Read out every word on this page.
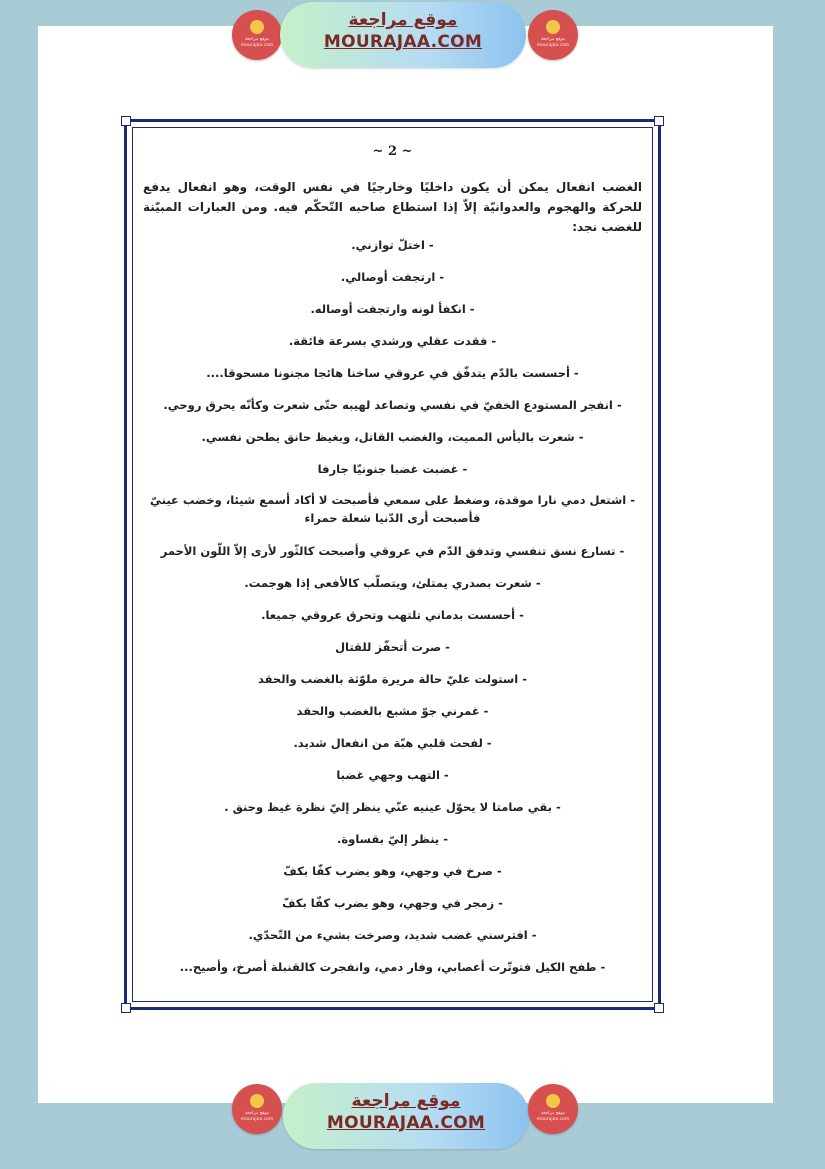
موقع مراجعة
mourajaa.com
موقع مراجعة
MOURAJAA.COM	موقع مراجعة
mourajaa.com
~ 2 ~
الغضب انفعال يمكن أن يكون داخليًا وخارجيًا في نفس الوقت، وهو انفعال يدفع للحركة والهجوم والعدوانيّة إلاّ إذا استطاع صاحبه التّحكّم فيه. ومن العبارات المبيّنة للغضب نجد:
- اختلّ توازني.
- ارتجفت أوصالي.
- انكفأ لونه وارتجفت أوصاله.
- فقدت عقلي ورشدي بسرعة فائقة.
- أحسست بالدّم يتدفّق في عروقي ساخنا هائجا مجنونا مسحوقا....
- انفجر المستودع الخفيّ في نفسي وتصاعد لهيبه حتّى شعرت وكأنّه يحرق روحي.
- شعرت باليأس المميت، والغضب القاتل، وبغيظ حانق يطحن نفسي.
- غضبت غضبا جنونيّا جارفا
- اشتعل دمي نارا موقدة، وضغط على سمعي فأصبحت لا أكاد أسمع شيئا، وخضب عينيّ فأصبحت أرى الدّنيا شعلة حمراء
- تسارع نسق تنفسي وتدفق الدّم في عروقي وأصبحت كالثّور لأرى إلاّ اللّون الأحمر
- شعرت بصدري يمتلئ، ويتصلّب كالأفعى إذا هوجمت.
- أحسست بدماني تلتهب وتحرق عروقي جميعا.
- صرت أتحفّز للقتال
- استولت عليّ حالة مريرة ملوّثة بالغضب والحقد
- غمرني جوّ مشبع بالغضب والحقد
- لفحت قلبي هبّة من انفعال شديد.
- التهب وجهي غضبا
- بقي صامتا لا يحوّل عينيه عنّي ينظر إليّ نظرة غيظ وحنق .
- ينظر إليّ بقساوة.
- صرخ في وجهي، وهو يضرب كفّا بكفّ
- زمجر في وجهي، وهو يضرب كفّا بكفّ
- افترسني غضب شديد، وصرخت بشيء من التّحدّي.
- طفح الكيل فتوتّرت أعصابي، وفار دمي، وانفجرت كالقنبلة أصرخ، وأصيح...
موقع مراجعة
mourajaa.com
موقع مراجعة
MOURAJAA.COM	موقع مراجعة
mourajaa.com
